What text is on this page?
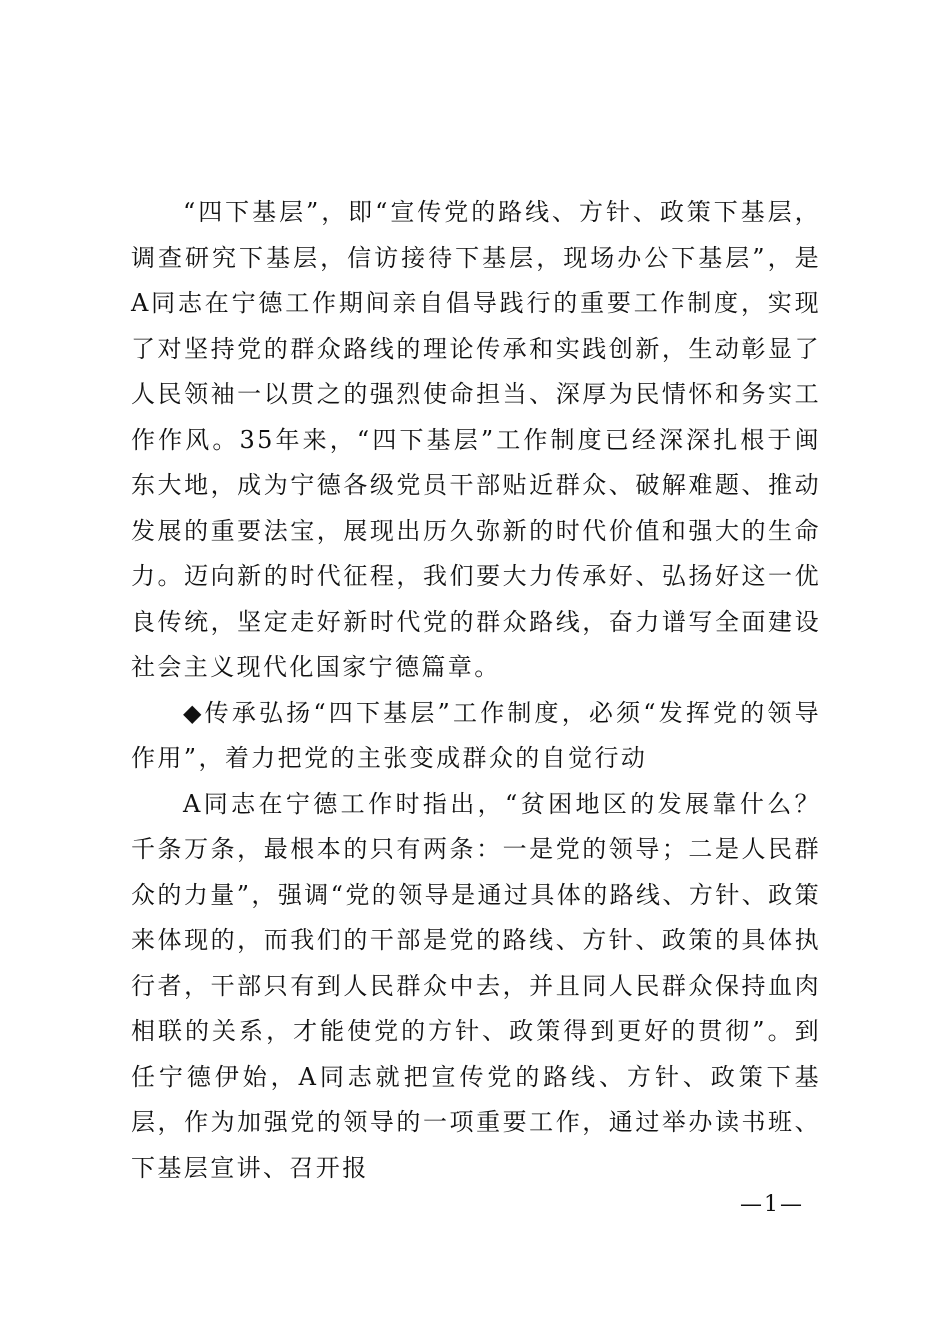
“四下基层”，即“宣传党的路线、方针、政策下基层，调查研究下基层，信访接待下基层，现场办公下基层”，是A同志在宁德工作期间亲自倡导践行的重要工作制度，实现了对坚持党的群众路线的理论传承和实践创新，生动彰显了人民领袖一以贯之的强烈使命担当、深厚为民情怀和务实工作作风。35年来，“四下基层”工作制度已经深深扎根于闽东大地，成为宁德各级党员干部贴近群众、破解难题、推动发展的重要法宝，展现出历久弥新的时代价值和强大的生命力。迈向新的时代征程，我们要大力传承好、弘扬好这一优良传统，坚定走好新时代党的群众路线，奋力谱写全面建设社会主义现代化国家宁德篇章。

◆传承弘扬“四下基层”工作制度，必须“发挥党的领导作用”，着力把党的主张变成群众的自觉行动

A同志在宁德工作时指出，“贫困地区的发展靠什么？千条万条，最根本的只有两条：一是党的领导；二是人民群众的力量”，强调“党的领导是通过具体的路线、方针、政策来体现的，而我们的干部是党的路线、方针、政策的具体执行者，干部只有到人民群众中去，并且同人民群众保持血肉相联的关系，才能使党的方针、政策得到更好的贯彻”。到任宁德伊始，A同志就把宣传党的路线、方针、政策下基层，作为加强党的领导的一项重要工作，通过举办读书班、下基层宣讲、召开报

—1—
